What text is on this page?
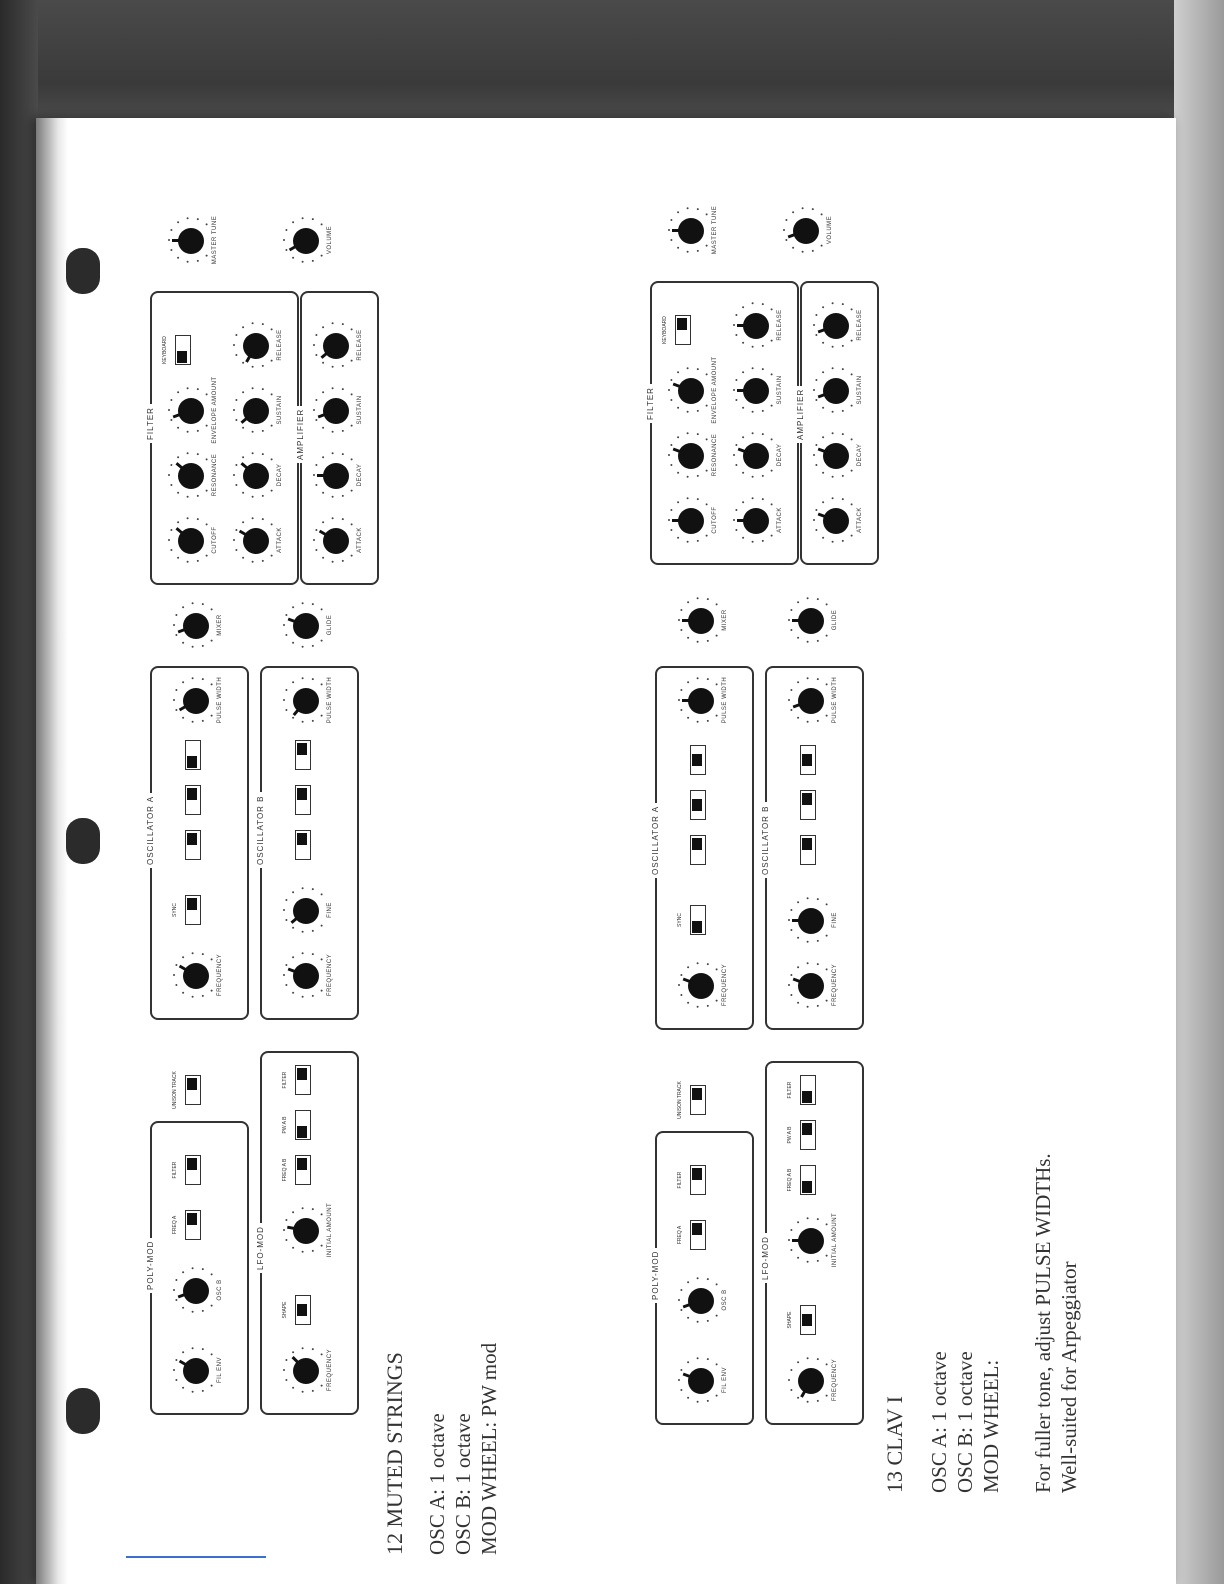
POLY-MOD	LFO-MOD
OSCILLATOR A	OSCILLATOR B
FILTER	AMPLIFIER
FIL ENV
OSC B
FREQ A
FILTER
UNISON TRACK
FREQUENCY
SHAPE
INITIAL AMOUNT
FREQ A B
PW A B
FILTER
FREQUENCY
SYNC
PULSE WIDTH
FREQUENCY
FINE
PULSE WIDTH
MIXER	GLIDE
CUTOFF
RESONANCE
ENVELOPE AMOUNT
KEYBOARD
ATTACK
DECAY
SUSTAIN
RELEASE
ATTACK
DECAY
SUSTAIN
RELEASE
MASTER TUNE	VOLUME
12 MUTED STRINGS OSC A: 1 octave OSC B: 1 octave MOD WHEEL: PW mod
POLY-MOD	LFO-MOD
OSCILLATOR A	OSCILLATOR B
FILTER	AMPLIFIER
FIL ENV
OSC B
FREQ A
FILTER
UNISON TRACK
FREQUENCY
SHAPE
INITIAL AMOUNT
FREQ A B
PW A B
FILTER
FREQUENCY
SYNC
PULSE WIDTH
FREQUENCY
FINE
PULSE WIDTH
MIXER	GLIDE
CUTOFF
RESONANCE
ENVELOPE AMOUNT
KEYBOARD
ATTACK
DECAY
SUSTAIN
RELEASE
ATTACK
DECAY
SUSTAIN
RELEASE
MASTER TUNE	VOLUME
13 CLAV I OSC A: 1 octave OSC B: 1 octave MOD WHEEL: For fuller tone, adjust PULSE WIDTHs. Well-suited for Arpeggiator
